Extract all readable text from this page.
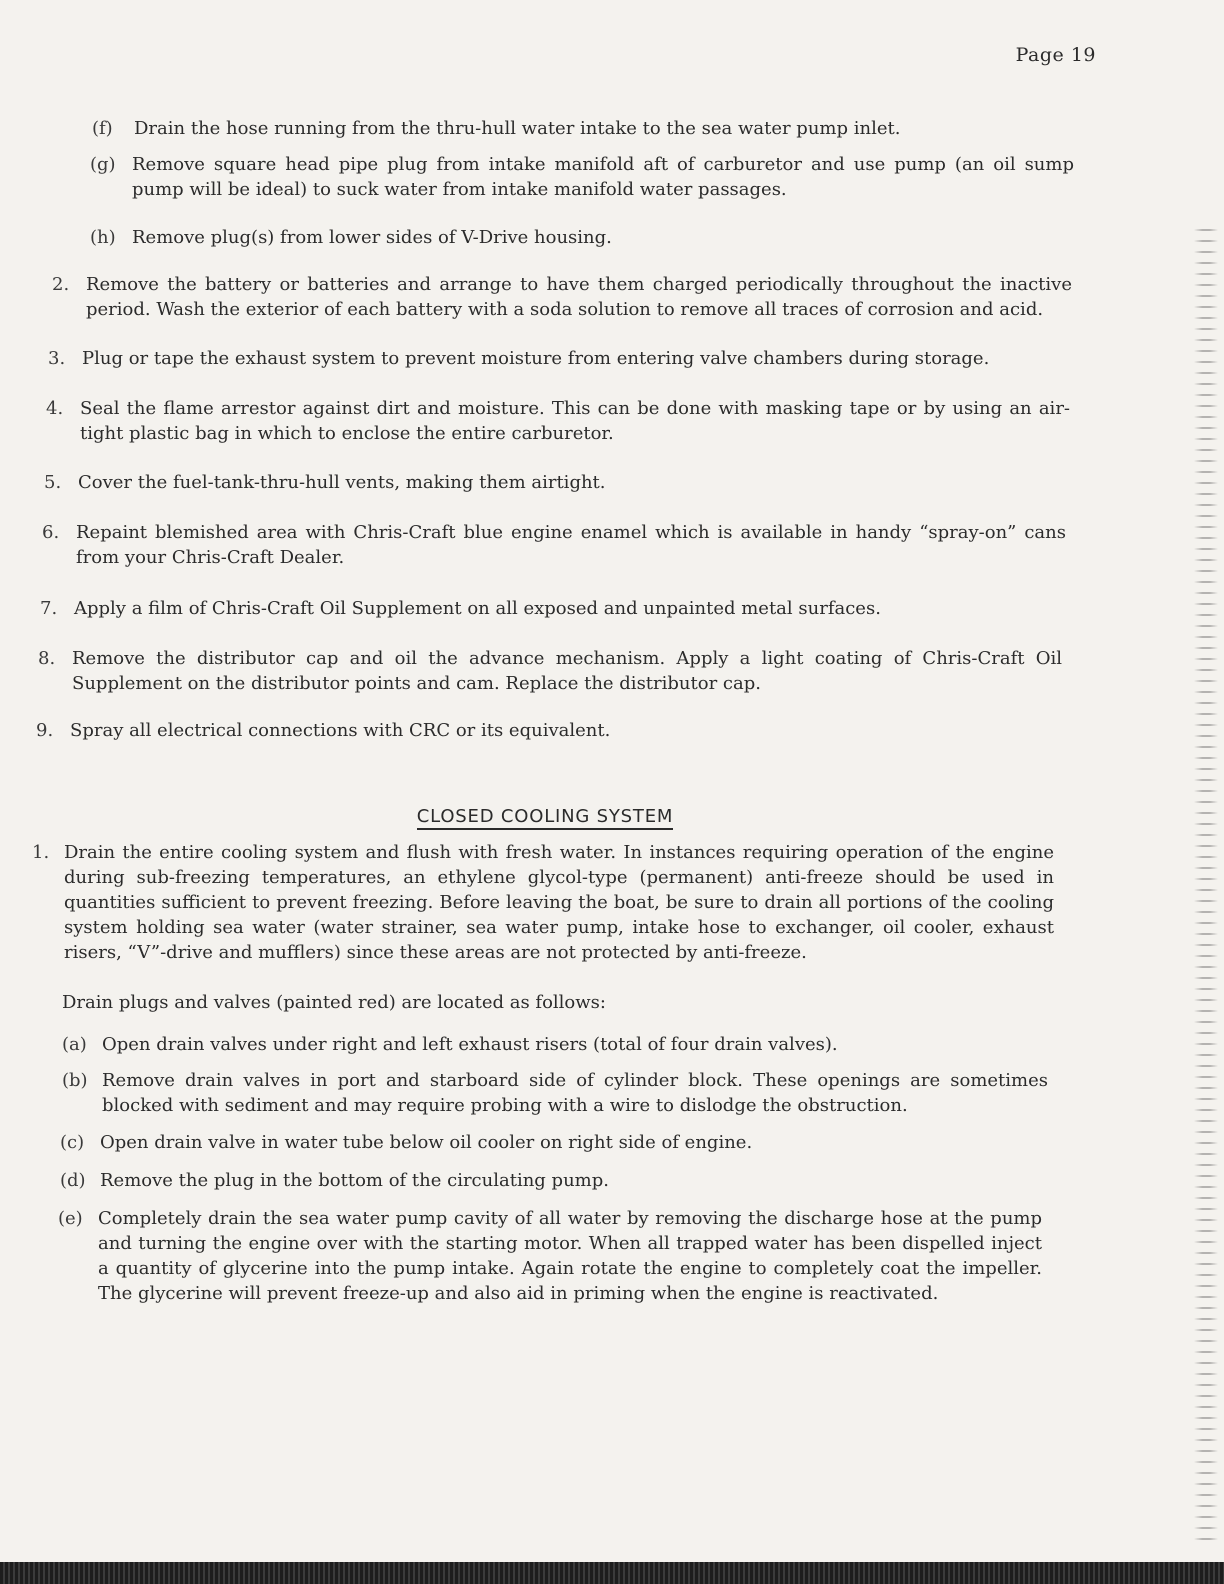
Page 19
(f) Drain the hose running from the thru-hull water intake to the sea water pump inlet.
(g) Remove square head pipe plug from intake manifold aft of carburetor and use pump (an oil sump pump will be ideal) to suck water from intake manifold water passages.
(h) Remove plug(s) from lower sides of V-Drive housing.
2. Remove the battery or batteries and arrange to have them charged periodically throughout the inactive period. Wash the exterior of each battery with a soda solution to remove all traces of corrosion and acid.
3. Plug or tape the exhaust system to prevent moisture from entering valve chambers during storage.
4. Seal the flame arrestor against dirt and moisture. This can be done with masking tape or by using an air-tight plastic bag in which to enclose the entire carburetor.
5. Cover the fuel-tank-thru-hull vents, making them airtight.
6. Repaint blemished area with Chris-Craft blue engine enamel which is available in handy “spray-on” cans from your Chris-Craft Dealer.
7. Apply a film of Chris-Craft Oil Supplement on all exposed and unpainted metal surfaces.
8. Remove the distributor cap and oil the advance mechanism. Apply a light coating of Chris-Craft Oil Supplement on the distributor points and cam. Replace the distributor cap.
9. Spray all electrical connections with CRC or its equivalent.
CLOSED COOLING SYSTEM
1. Drain the entire cooling system and flush with fresh water. In instances requiring operation of the engine during sub-freezing temperatures, an ethylene glycol-type (permanent) anti-freeze should be used in quantities sufficient to prevent freezing. Before leaving the boat, be sure to drain all portions of the cooling system holding sea water (water strainer, sea water pump, intake hose to exchanger, oil cooler, exhaust risers, “V”-drive and mufflers) since these areas are not protected by anti-freeze.
Drain plugs and valves (painted red) are located as follows:
(a) Open drain valves under right and left exhaust risers (total of four drain valves).
(b) Remove drain valves in port and starboard side of cylinder block. These openings are sometimes blocked with sediment and may require probing with a wire to dislodge the obstruction.
(c) Open drain valve in water tube below oil cooler on right side of engine.
(d) Remove the plug in the bottom of the circulating pump.
(e) Completely drain the sea water pump cavity of all water by removing the discharge hose at the pump and turning the engine over with the starting motor. When all trapped water has been dispelled inject a quantity of glycerine into the pump intake. Again rotate the engine to completely coat the impeller. The glycerine will prevent freeze-up and also aid in priming when the engine is reactivated.
